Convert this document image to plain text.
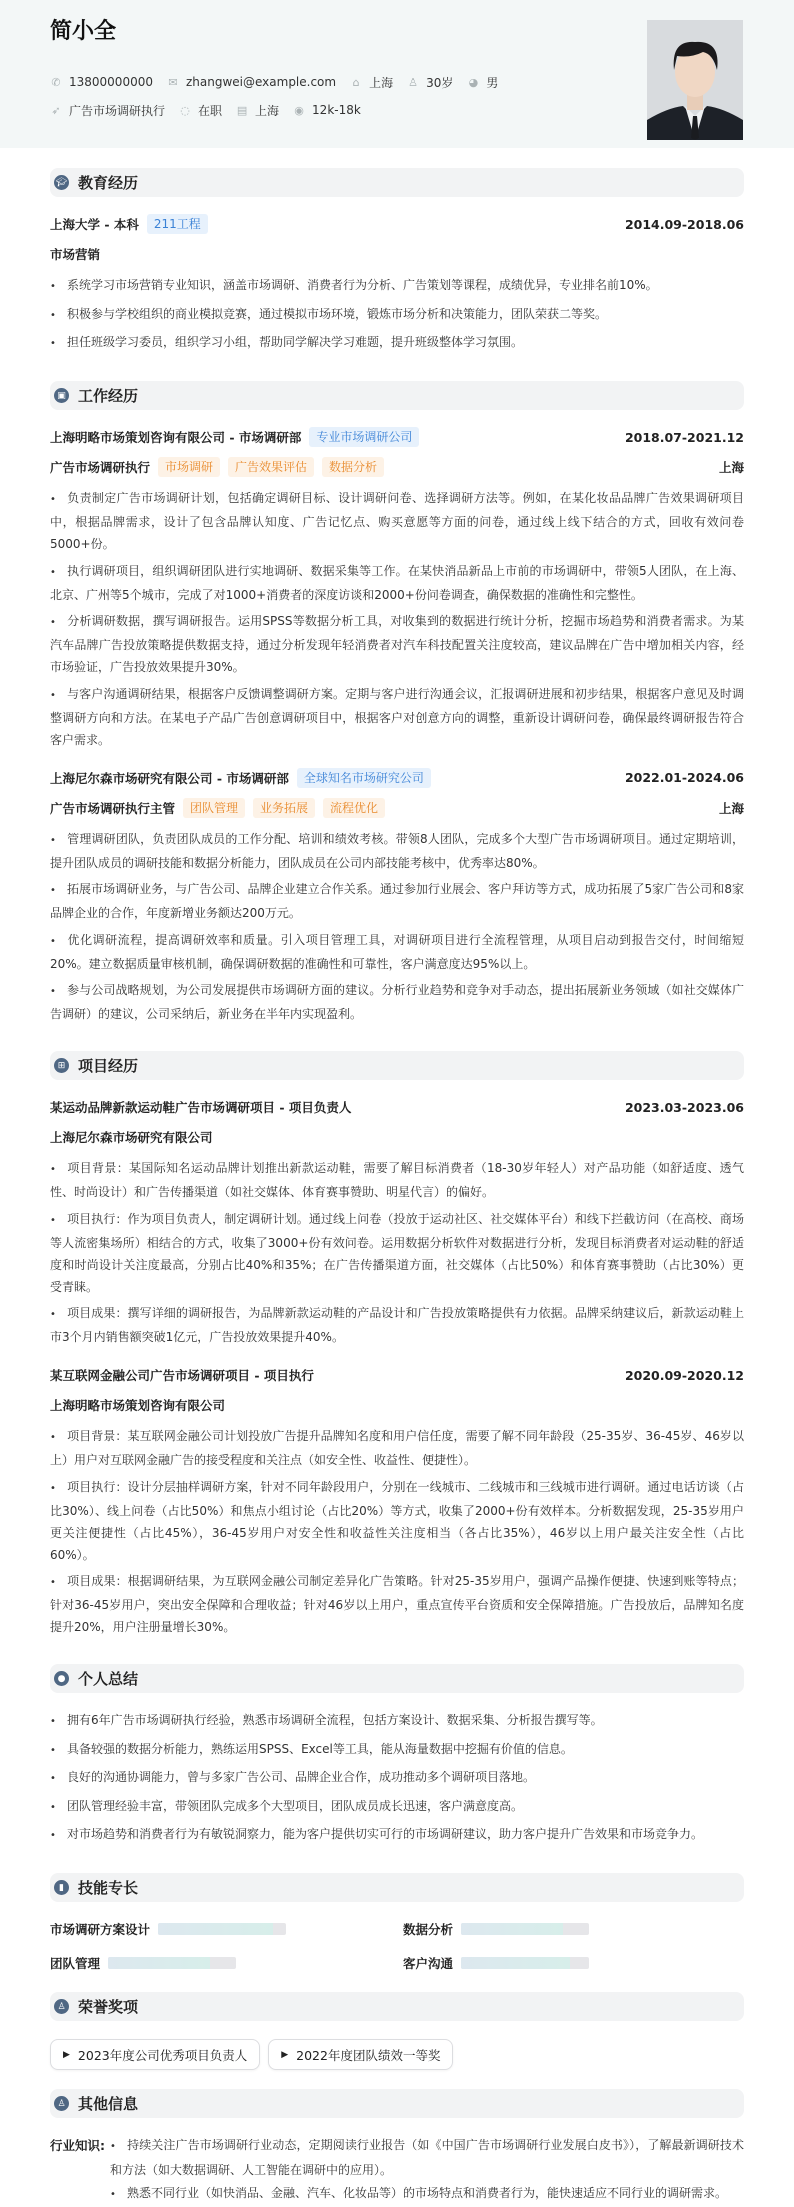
简小全
✆ 13800000000 ✉ zhangwei@example.com ⌂ 上海 ♙ 30岁 ◕ 男
➶ 广告市场调研执行 ◌ 在职 ▤ 上海 ◉ 12k-18k
🎓︎ 教育经历
上海大学 - 本科	211工程	2014.09-2018.06
市场营销
• 系统学习市场营销专业知识，涵盖市场调研、消费者行为分析、广告策划等课程，成绩优异，专业排名前10%。
• 积极参与学校组织的商业模拟竞赛，通过模拟市场环境，锻炼市场分析和决策能力，团队荣获二等奖。
• 担任班级学习委员，组织学习小组，帮助同学解决学习难题，提升班级整体学习氛围。
▣ 工作经历
上海明略市场策划咨询有限公司 - 市场调研部	专业市场调研公司	2018.07-2021.12
广告市场调研执行	市场调研	广告效果评估	数据分析	上海
• 负责制定广告市场调研计划，包括确定调研目标、设计调研问卷、选择调研方法等。例如，在某化妆品品牌广告效果调研项目中，根据品牌需求，设计了包含品牌认知度、广告记忆点、购买意愿等方面的问卷，通过线上线下结合的方式，回收有效问卷5000+份。
• 执行调研项目，组织调研团队进行实地调研、数据采集等工作。在某快消品新品上市前的市场调研中，带领5人团队，在上海、北京、广州等5个城市，完成了对1000+消费者的深度访谈和2000+份问卷调查，确保数据的准确性和完整性。
• 分析调研数据，撰写调研报告。运用SPSS等数据分析工具，对收集到的数据进行统计分析，挖掘市场趋势和消费者需求。为某汽车品牌广告投放策略提供数据支持，通过分析发现年轻消费者对汽车科技配置关注度较高，建议品牌在广告中增加相关内容，经市场验证，广告投放效果提升30%。
• 与客户沟通调研结果，根据客户反馈调整调研方案。定期与客户进行沟通会议，汇报调研进展和初步结果，根据客户意见及时调整调研方向和方法。在某电子产品广告创意调研项目中，根据客户对创意方向的调整，重新设计调研问卷，确保最终调研报告符合客户需求。
上海尼尔森市场研究有限公司 - 市场调研部	全球知名市场研究公司	2022.01-2024.06
广告市场调研执行主管	团队管理	业务拓展	流程优化	上海
• 管理调研团队，负责团队成员的工作分配、培训和绩效考核。带领8人团队，完成多个大型广告市场调研项目。通过定期培训，提升团队成员的调研技能和数据分析能力，团队成员在公司内部技能考核中，优秀率达80%。
• 拓展市场调研业务，与广告公司、品牌企业建立合作关系。通过参加行业展会、客户拜访等方式，成功拓展了5家广告公司和8家品牌企业的合作，年度新增业务额达200万元。
• 优化调研流程，提高调研效率和质量。引入项目管理工具，对调研项目进行全流程管理，从项目启动到报告交付，时间缩短20%。建立数据质量审核机制，确保调研数据的准确性和可靠性，客户满意度达95%以上。
• 参与公司战略规划，为公司发展提供市场调研方面的建议。分析行业趋势和竞争对手动态，提出拓展新业务领域（如社交媒体广告调研）的建议，公司采纳后，新业务在半年内实现盈利。
⊞ 项目经历
某运动品牌新款运动鞋广告市场调研项目 - 项目负责人	2023.03-2023.06
上海尼尔森市场研究有限公司
• 项目背景：某国际知名运动品牌计划推出新款运动鞋，需要了解目标消费者（18-30岁年轻人）对产品功能（如舒适度、透气性、时尚设计）和广告传播渠道（如社交媒体、体育赛事赞助、明星代言）的偏好。
• 项目执行：作为项目负责人，制定调研计划。通过线上问卷（投放于运动社区、社交媒体平台）和线下拦截访问（在高校、商场等人流密集场所）相结合的方式，收集了3000+份有效问卷。运用数据分析软件对数据进行分析，发现目标消费者对运动鞋的舒适度和时尚设计关注度最高，分别占比40%和35%；在广告传播渠道方面，社交媒体（占比50%）和体育赛事赞助（占比30%）更受青睐。
• 项目成果：撰写详细的调研报告，为品牌新款运动鞋的产品设计和广告投放策略提供有力依据。品牌采纳建议后，新款运动鞋上市3个月内销售额突破1亿元，广告投放效果提升40%。
某互联网金融公司广告市场调研项目 - 项目执行	2020.09-2020.12
上海明略市场策划咨询有限公司
• 项目背景：某互联网金融公司计划投放广告提升品牌知名度和用户信任度，需要了解不同年龄段（25-35岁、36-45岁、46岁以上）用户对互联网金融广告的接受程度和关注点（如安全性、收益性、便捷性）。
• 项目执行：设计分层抽样调研方案，针对不同年龄段用户，分别在一线城市、二线城市和三线城市进行调研。通过电话访谈（占比30%）、线上问卷（占比50%）和焦点小组讨论（占比20%）等方式，收集了2000+份有效样本。分析数据发现，25-35岁用户更关注便捷性（占比45%），36-45岁用户对安全性和收益性关注度相当（各占比35%），46岁以上用户最关注安全性（占比60%）。
• 项目成果：根据调研结果，为互联网金融公司制定差异化广告策略。针对25-35岁用户，强调产品操作便捷、快速到账等特点；针对36-45岁用户，突出安全保障和合理收益；针对46岁以上用户，重点宣传平台资质和安全保障措施。广告投放后，品牌知名度提升20%，用户注册量增长30%。
● 个人总结
• 拥有6年广告市场调研执行经验，熟悉市场调研全流程，包括方案设计、数据采集、分析报告撰写等。
• 具备较强的数据分析能力，熟练运用SPSS、Excel等工具，能从海量数据中挖掘有价值的信息。
• 良好的沟通协调能力，曾与多家广告公司、品牌企业合作，成功推动多个调研项目落地。
• 团队管理经验丰富，带领团队完成多个大型项目，团队成员成长迅速，客户满意度高。
• 对市场趋势和消费者行为有敏锐洞察力，能为客户提供切实可行的市场调研建议，助力客户提升广告效果和市场竞争力。
▮ 技能专长
市场调研方案设计	数据分析
团队管理	客户沟通
♙ 荣誉奖项
▶ 2023年度公司优秀项目负责人	▶ 2022年度团队绩效一等奖
♙ 其他信息
行业知识: • 持续关注广告市场调研行业动态，定期阅读行业报告（如《中国广告市场调研行业发展白皮书》），了解最新调研技术和方法（如大数据调研、人工智能在调研中的应用）。
• 熟悉不同行业（如快消品、金融、汽车、化妆品等）的市场特点和消费者行为，能快速适应不同行业的调研需求。
